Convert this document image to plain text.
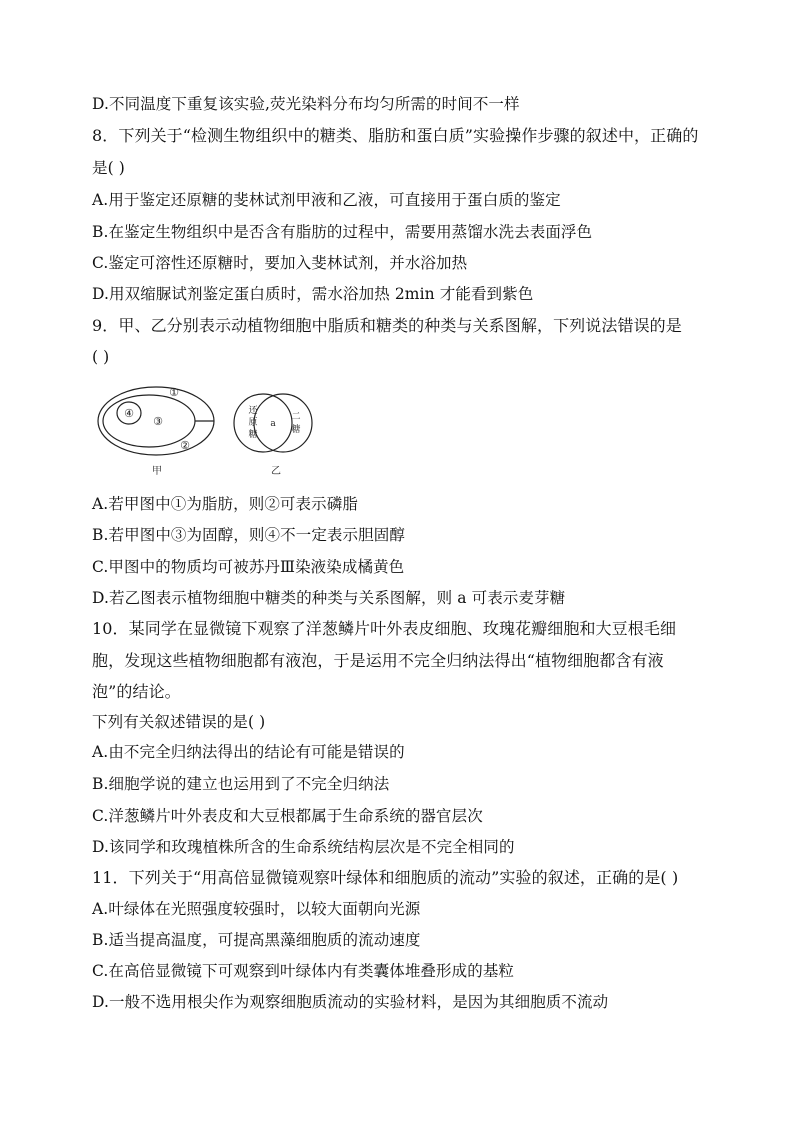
D.不同温度下重复该实验,荧光染料分布均匀所需的时间不一样
8．下列关于“检测生物组织中的糖类、脂肪和蛋白质”实验操作步骤的叙述中，正确的
是( )
A.用于鉴定还原糖的斐林试剂甲液和乙液，可直接用于蛋白质的鉴定
B.在鉴定生物组织中是否含有脂肪的过程中，需要用蒸馏水洗去表面浮色
C.鉴定可溶性还原糖时，要加入斐林试剂，并水浴加热
D.用双缩脲试剂鉴定蛋白质时，需水浴加热 2min 才能看到紫色
9．甲、乙分别表示动植物细胞中脂质和糖类的种类与关系图解，下列说法错误的是
( )
①
④
③
②
甲
还
原
糖
a
二
糖
乙
A.若甲图中①为脂肪，则②可表示磷脂
B.若甲图中③为固醇，则④不一定表示胆固醇
C.甲图中的物质均可被苏丹Ⅲ染液染成橘黄色
D.若乙图表示植物细胞中糖类的种类与关系图解，则 a 可表示麦芽糖
10．某同学在显微镜下观察了洋葱鳞片叶外表皮细胞、玫瑰花瓣细胞和大豆根毛细
胞，发现这些植物细胞都有液泡，于是运用不完全归纳法得出“植物细胞都含有液
泡”的结论。
下列有关叙述错误的是( )
A.由不完全归纳法得出的结论有可能是错误的
B.细胞学说的建立也运用到了不完全归纳法
C.洋葱鳞片叶外表皮和大豆根都属于生命系统的器官层次
D.该同学和玫瑰植株所含的生命系统结构层次是不完全相同的
11．下列关于“用高倍显微镜观察叶绿体和细胞质的流动”实验的叙述，正确的是( )
A.叶绿体在光照强度较强时，以较大面朝向光源
B.适当提高温度，可提高黑藻细胞质的流动速度
C.在高倍显微镜下可观察到叶绿体内有类囊体堆叠形成的基粒
D.一般不选用根尖作为观察细胞质流动的实验材料，是因为其细胞质不流动
